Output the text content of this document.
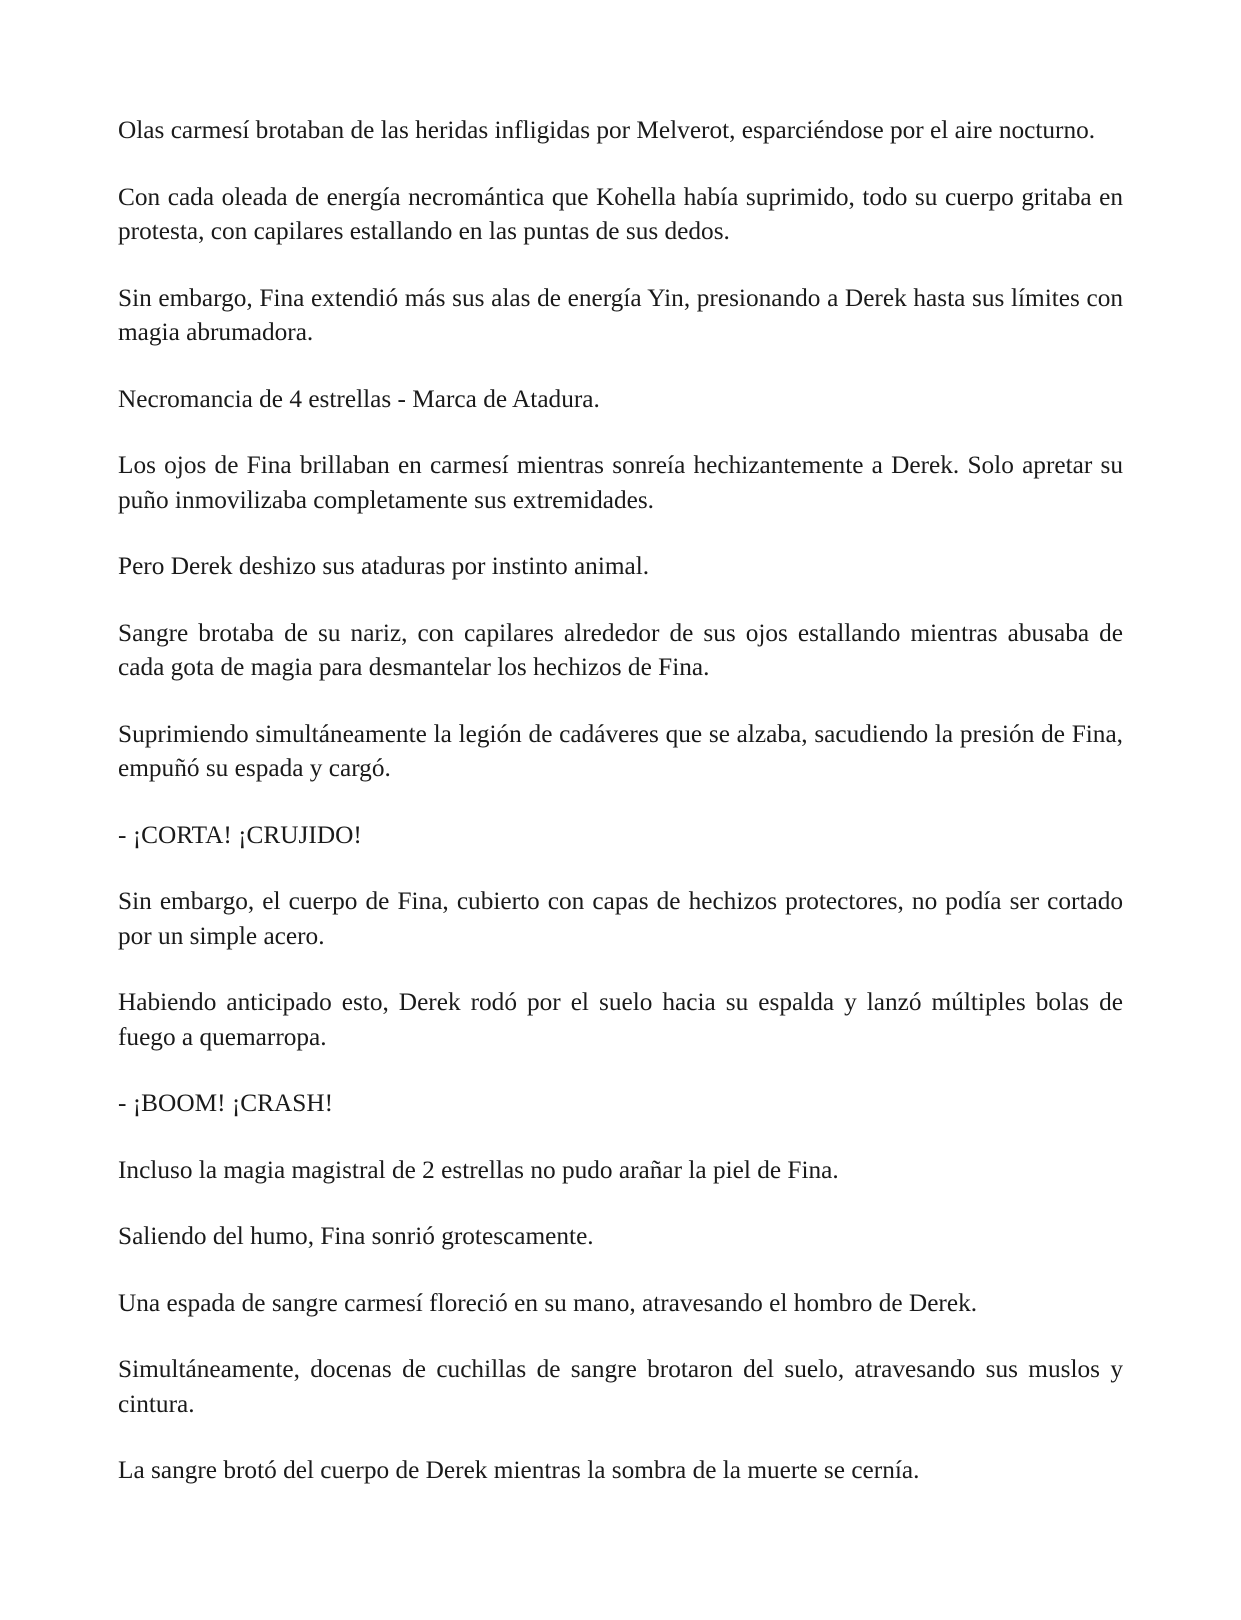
Olas carmesí brotaban de las heridas infligidas por Melverot, esparciéndose por el aire nocturno.

Con cada oleada de energía necromántica que Kohella había suprimido, todo su cuerpo gritaba en protesta, con capilares estallando en las puntas de sus dedos.

Sin embargo, Fina extendió más sus alas de energía Yin, presionando a Derek hasta sus límites con magia abrumadora.

Necromancia de 4 estrellas - Marca de Atadura.

Los ojos de Fina brillaban en carmesí mientras sonreía hechizantemente a Derek. Solo apretar su puño inmovilizaba completamente sus extremidades.

Pero Derek deshizo sus ataduras por instinto animal.

Sangre brotaba de su nariz, con capilares alrededor de sus ojos estallando mientras abusaba de cada gota de magia para desmantelar los hechizos de Fina.

Suprimiendo simultáneamente la legión de cadáveres que se alzaba, sacudiendo la presión de Fina, empuñó su espada y cargó.

- ¡CORTA! ¡CRUJIDO!

Sin embargo, el cuerpo de Fina, cubierto con capas de hechizos protectores, no podía ser cortado por un simple acero.

Habiendo anticipado esto, Derek rodó por el suelo hacia su espalda y lanzó múltiples bolas de fuego a quemarropa.

- ¡BOOM! ¡CRASH!

Incluso la magia magistral de 2 estrellas no pudo arañar la piel de Fina.

Saliendo del humo, Fina sonrió grotescamente.

Una espada de sangre carmesí floreció en su mano, atravesando el hombro de Derek.

Simultáneamente, docenas de cuchillas de sangre brotaron del suelo, atravesando sus muslos y cintura.

La sangre brotó del cuerpo de Derek mientras la sombra de la muerte se cernía.
